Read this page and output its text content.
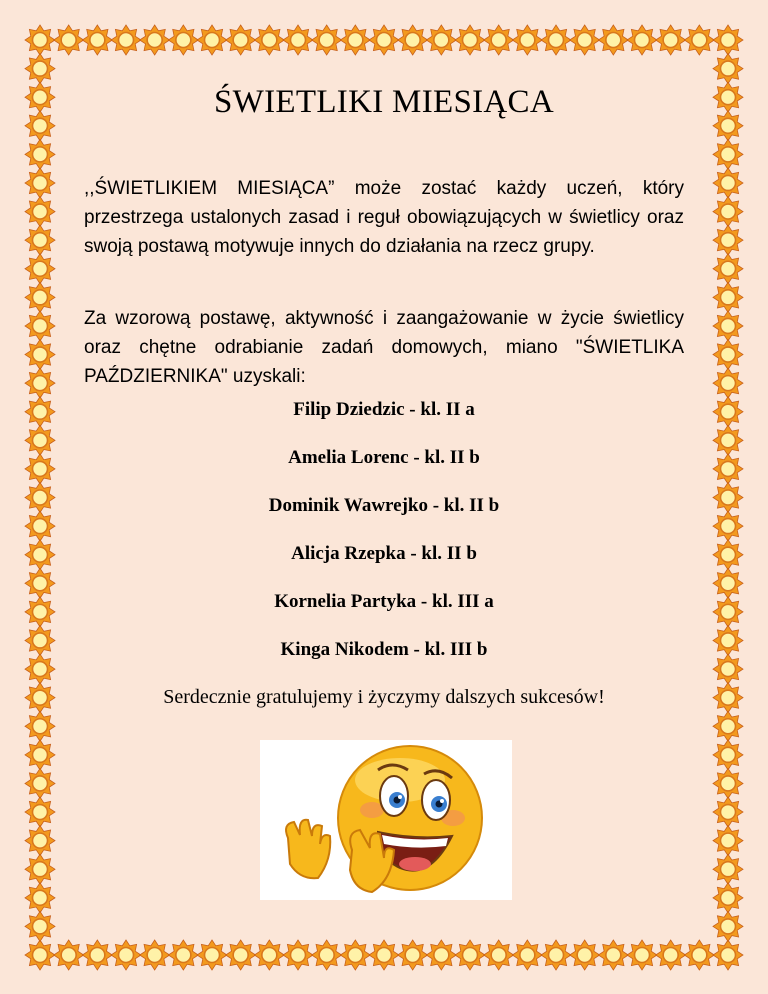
ŚWIETLIKI MIESIĄCA

,,ŚWIETLIKIEM MIESIĄCA” może zostać każdy uczeń, który przestrzega ustalonych zasad i reguł obowiązujących w świetlicy oraz swoją postawą motywuje innych do działania na rzecz grupy.

Za wzorową postawę, aktywność i zaangażowanie w życie świetlicy oraz chętne odrabianie zadań domowych, miano "ŚWIETLIKA PAŹDZIERNIKA" uzyskali:

Filip Dziedzic - kl. II a
Amelia Lorenc - kl. II b
Dominik Wawrejko - kl. II b
Alicja Rzepka - kl. II b
Kornelia Partyka - kl. III a
Kinga Nikodem - kl. III b

Serdecznie gratulujemy i życzymy dalszych sukcesów!
